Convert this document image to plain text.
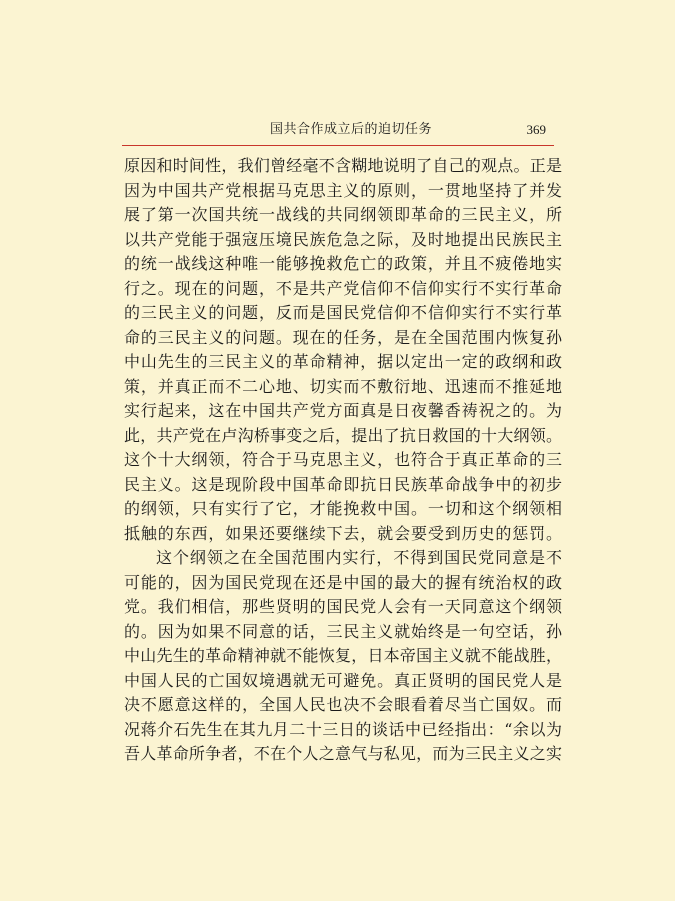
国共合作成立后的迫切任务	369
原因和时间性，我们曾经毫不含糊地说明了自己的观点。正是
因为中国共产党根据马克思主义的原则，一贯地坚持了并发
展了第一次国共统一战线的共同纲领即革命的三民主义，所
以共产党能于强寇压境民族危急之际，及时地提出民族民主
的统一战线这种唯一能够挽救危亡的政策，并且不疲倦地实
行之。现在的问题，不是共产党信仰不信仰实行不实行革命
的三民主义的问题，反而是国民党信仰不信仰实行不实行革
命的三民主义的问题。现在的任务，是在全国范围内恢复孙
中山先生的三民主义的革命精神，据以定出一定的政纲和政
策，并真正而不二心地、切实而不敷衍地、迅速而不推延地
实行起来，这在中国共产党方面真是日夜馨香祷祝之的。为
此，共产党在卢沟桥事变之后，提出了抗日救国的十大纲领。
这个十大纲领，符合于马克思主义，也符合于真正革命的三
民主义。这是现阶段中国革命即抗日民族革命战争中的初步
的纲领，只有实行了它，才能挽救中国。一切和这个纲领相
抵触的东西，如果还要继续下去，就会要受到历史的惩罚。
这个纲领之在全国范围内实行，不得到国民党同意是不
可能的，因为国民党现在还是中国的最大的握有统治权的政
党。我们相信，那些贤明的国民党人会有一天同意这个纲领
的。因为如果不同意的话，三民主义就始终是一句空话，孙
中山先生的革命精神就不能恢复，日本帝国主义就不能战胜，
中国人民的亡国奴境遇就无可避免。真正贤明的国民党人是
决不愿意这样的，全国人民也决不会眼看着尽当亡国奴。而
况蒋介石先生在其九月二十三日的谈话中已经指出：“余以为
吾人革命所争者，不在个人之意气与私见，而为三民主义之实
